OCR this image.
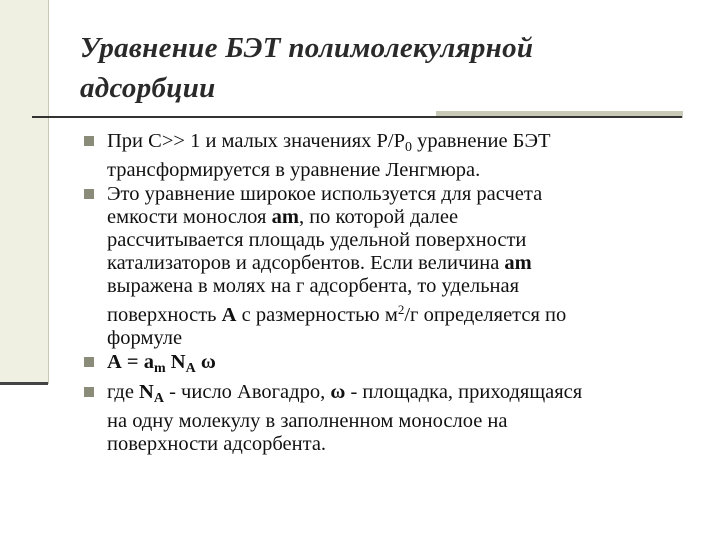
Уравнение БЭТ полимолекулярной
адсорбции
При С>> 1 и малых значениях $Р/Р_0$ уравнение БЭТ
трансформируется в уравнение Ленгмюра.
Это уравнение широкое используется для расчета
емкости монослоя am, по которой далее
рассчитывается площадь удельной поверхности
катализаторов и адсорбентов. Если величина am
выражена в молях на г адсорбента, то удельная
поверхность А с размерностью $м^2/г$ определяется по
формуле
А = аm NA ω
где NA - число Авогадро, ω - площадка, приходящаяся
на одну молекулу в заполненном монослое на
поверхности адсорбента.
